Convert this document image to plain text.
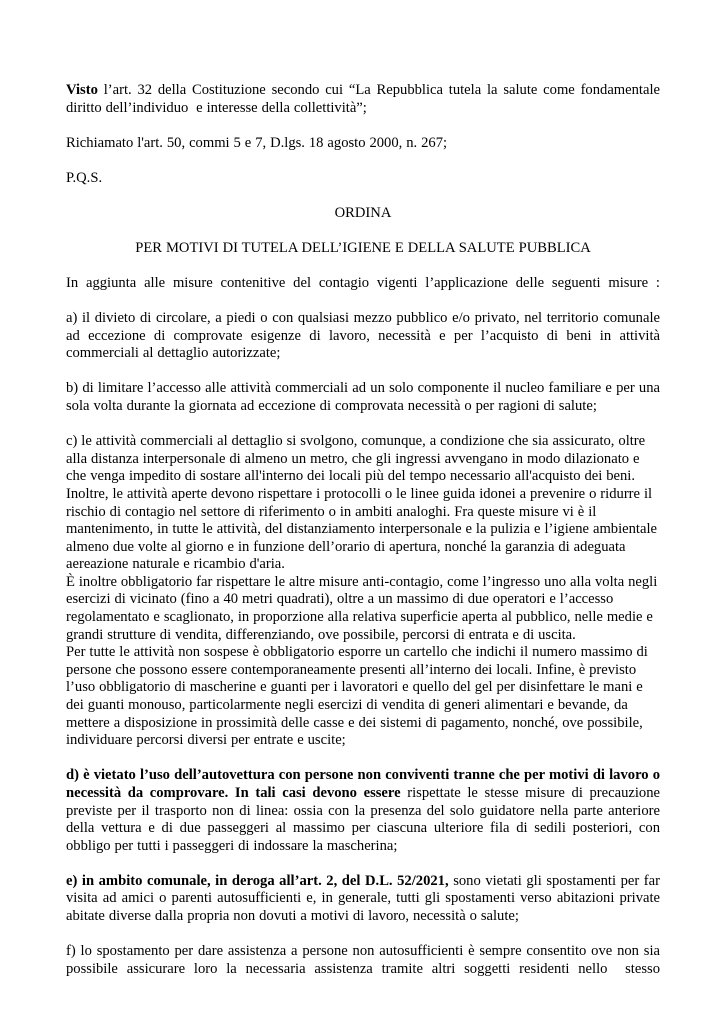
Visto l’art. 32 della Costituzione secondo cui “La Repubblica tutela la salute come fondamentale diritto dell’individuo  e interesse della collettività”;

Richiamato l'art. 50, commi 5 e 7, D.lgs. 18 agosto 2000, n. 267;

P.Q.S.

ORDINA

PER MOTIVI DI TUTELA DELL’IGIENE E DELLA SALUTE PUBBLICA

In aggiunta alle misure contenitive del contagio vigenti l’applicazione delle seguenti misure :

a) il divieto di circolare, a piedi o con qualsiasi mezzo pubblico e/o privato, nel territorio comunale ad eccezione di comprovate esigenze di lavoro, necessità e per l’acquisto di beni in attività commerciali al dettaglio autorizzate;

b) di limitare l’accesso alle attività commerciali ad un solo componente il nucleo familiare e per una sola volta durante la giornata ad eccezione di comprovata necessità o per ragioni di salute;

c) le attività commerciali al dettaglio si svolgono, comunque, a condizione che sia assicurato, oltre alla distanza interpersonale di almeno un metro, che gli ingressi avvengano in modo dilazionato e che venga impedito di sostare all'interno dei locali più del tempo necessario all'acquisto dei beni. Inoltre, le attività aperte devono rispettare i protocolli o le linee guida idonei a prevenire o ridurre il rischio di contagio nel settore di riferimento o in ambiti analoghi. Fra queste misure vi è il mantenimento, in tutte le attività, del distanziamento interpersonale e la pulizia e l’igiene ambientale almeno due volte al giorno e in funzione dell’orario di apertura, nonché la garanzia di adeguata aereazione naturale e ricambio d'aria.

È inoltre obbligatorio far rispettare le altre misure anti-contagio, come l’ingresso uno alla volta negli esercizi di vicinato (fino a 40 metri quadrati), oltre a un massimo di due operatori e l’accesso regolamentato e scaglionato, in proporzione alla relativa superficie aperta al pubblico, nelle medie e grandi strutture di vendita, differenziando, ove possibile, percorsi di entrata e di uscita.

Per tutte le attività non sospese è obbligatorio esporre un cartello che indichi il numero massimo di persone che possono essere contemporaneamente presenti all’interno dei locali. Infine, è previsto l’uso obbligatorio di mascherine e guanti per i lavoratori e quello del gel per disinfettare le mani e dei guanti monouso, particolarmente negli esercizi di vendita di generi alimentari e bevande, da mettere a disposizione in prossimità delle casse e dei sistemi di pagamento, nonché, ove possibile, individuare percorsi diversi per entrate e uscite;

d) è vietato l’uso dell’autovettura con persone non conviventi tranne che per motivi di lavoro o necessità da comprovare. In tali casi devono essere rispettate le stesse misure di precauzione previste per il trasporto non di linea: ossia con la presenza del solo guidatore nella parte anteriore della vettura e di due passeggeri al massimo per ciascuna ulteriore fila di sedili posteriori, con obbligo per tutti i passeggeri di indossare la mascherina;

e) in ambito comunale, in deroga all’art. 2, del D.L. 52/2021, sono vietati gli spostamenti per far visita ad amici o parenti autosufficienti e, in generale, tutti gli spostamenti verso abitazioni private abitate diverse dalla propria non dovuti a motivi di lavoro, necessità o salute;

f) lo spostamento per dare assistenza a persone non autosufficienti è sempre consentito ove non sia possibile assicurare loro la necessaria assistenza tramite altri soggetti residenti nello  stesso
